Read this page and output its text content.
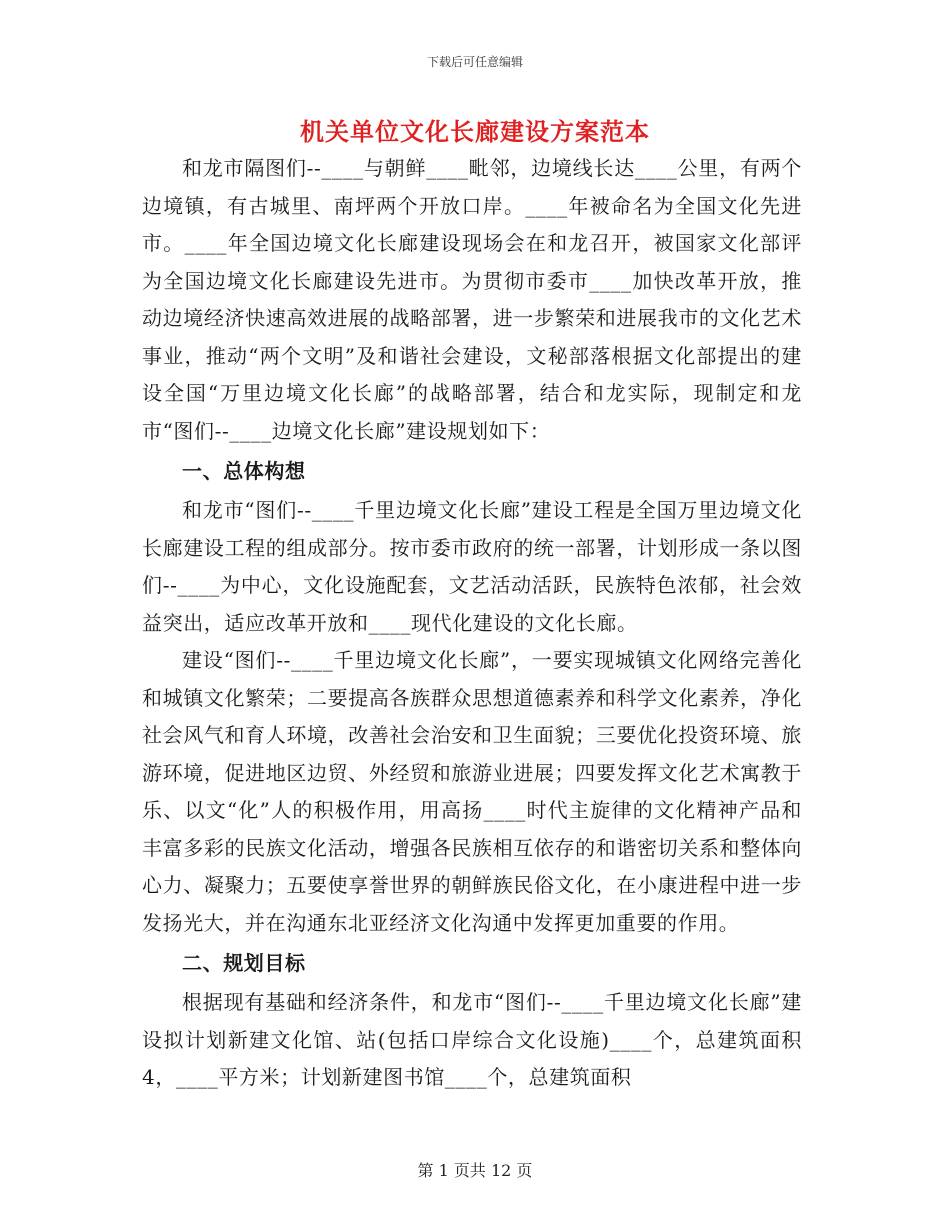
下载后可任意编辑
机关单位文化长廊建设方案范本

和龙市隔图们--____与朝鲜____毗邻，边境线长达____公里，有两个边境镇，有古城里、南坪两个开放口岸。____年被命名为全国文化先进市。____年全国边境文化长廊建设现场会在和龙召开，被国家文化部评为全国边境文化长廊建设先进市。为贯彻市委市____加快改革开放，推动边境经济快速高效进展的战略部署，进一步繁荣和进展我市的文化艺术事业，推动“两个文明”及和谐社会建设，文秘部落根据文化部提出的建设全国“万里边境文化长廊”的战略部署，结合和龙实际，现制定和龙市“图们--____边境文化长廊”建设规划如下：

一、总体构想

和龙市“图们--____千里边境文化长廊”建设工程是全国万里边境文化长廊建设工程的组成部分。按市委市政府的统一部署，计划形成一条以图们--____为中心，文化设施配套，文艺活动活跃，民族特色浓郁，社会效益突出，适应改革开放和____现代化建设的文化长廊。

建设“图们--____千里边境文化长廊”，一要实现城镇文化网络完善化和城镇文化繁荣；二要提高各族群众思想道德素养和科学文化素养，净化社会风气和育人环境，改善社会治安和卫生面貌；三要优化投资环境、旅游环境，促进地区边贸、外经贸和旅游业进展；四要发挥文化艺术寓教于乐、以文“化”人的积极作用，用高扬____时代主旋律的文化精神产品和丰富多彩的民族文化活动，增强各民族相互依存的和谐密切关系和整体向心力、凝聚力；五要使享誉世界的朝鲜族民俗文化，在小康进程中进一步发扬光大，并在沟通东北亚经济文化沟通中发挥更加重要的作用。

二、规划目标

根据现有基础和经济条件，和龙市“图们--____千里边境文化长廊”建设拟计划新建文化馆、站(包括口岸综合文化设施)____个，总建筑面积4，____平方米；计划新建图书馆____个，总建筑面积

第 1 页共 12 页
